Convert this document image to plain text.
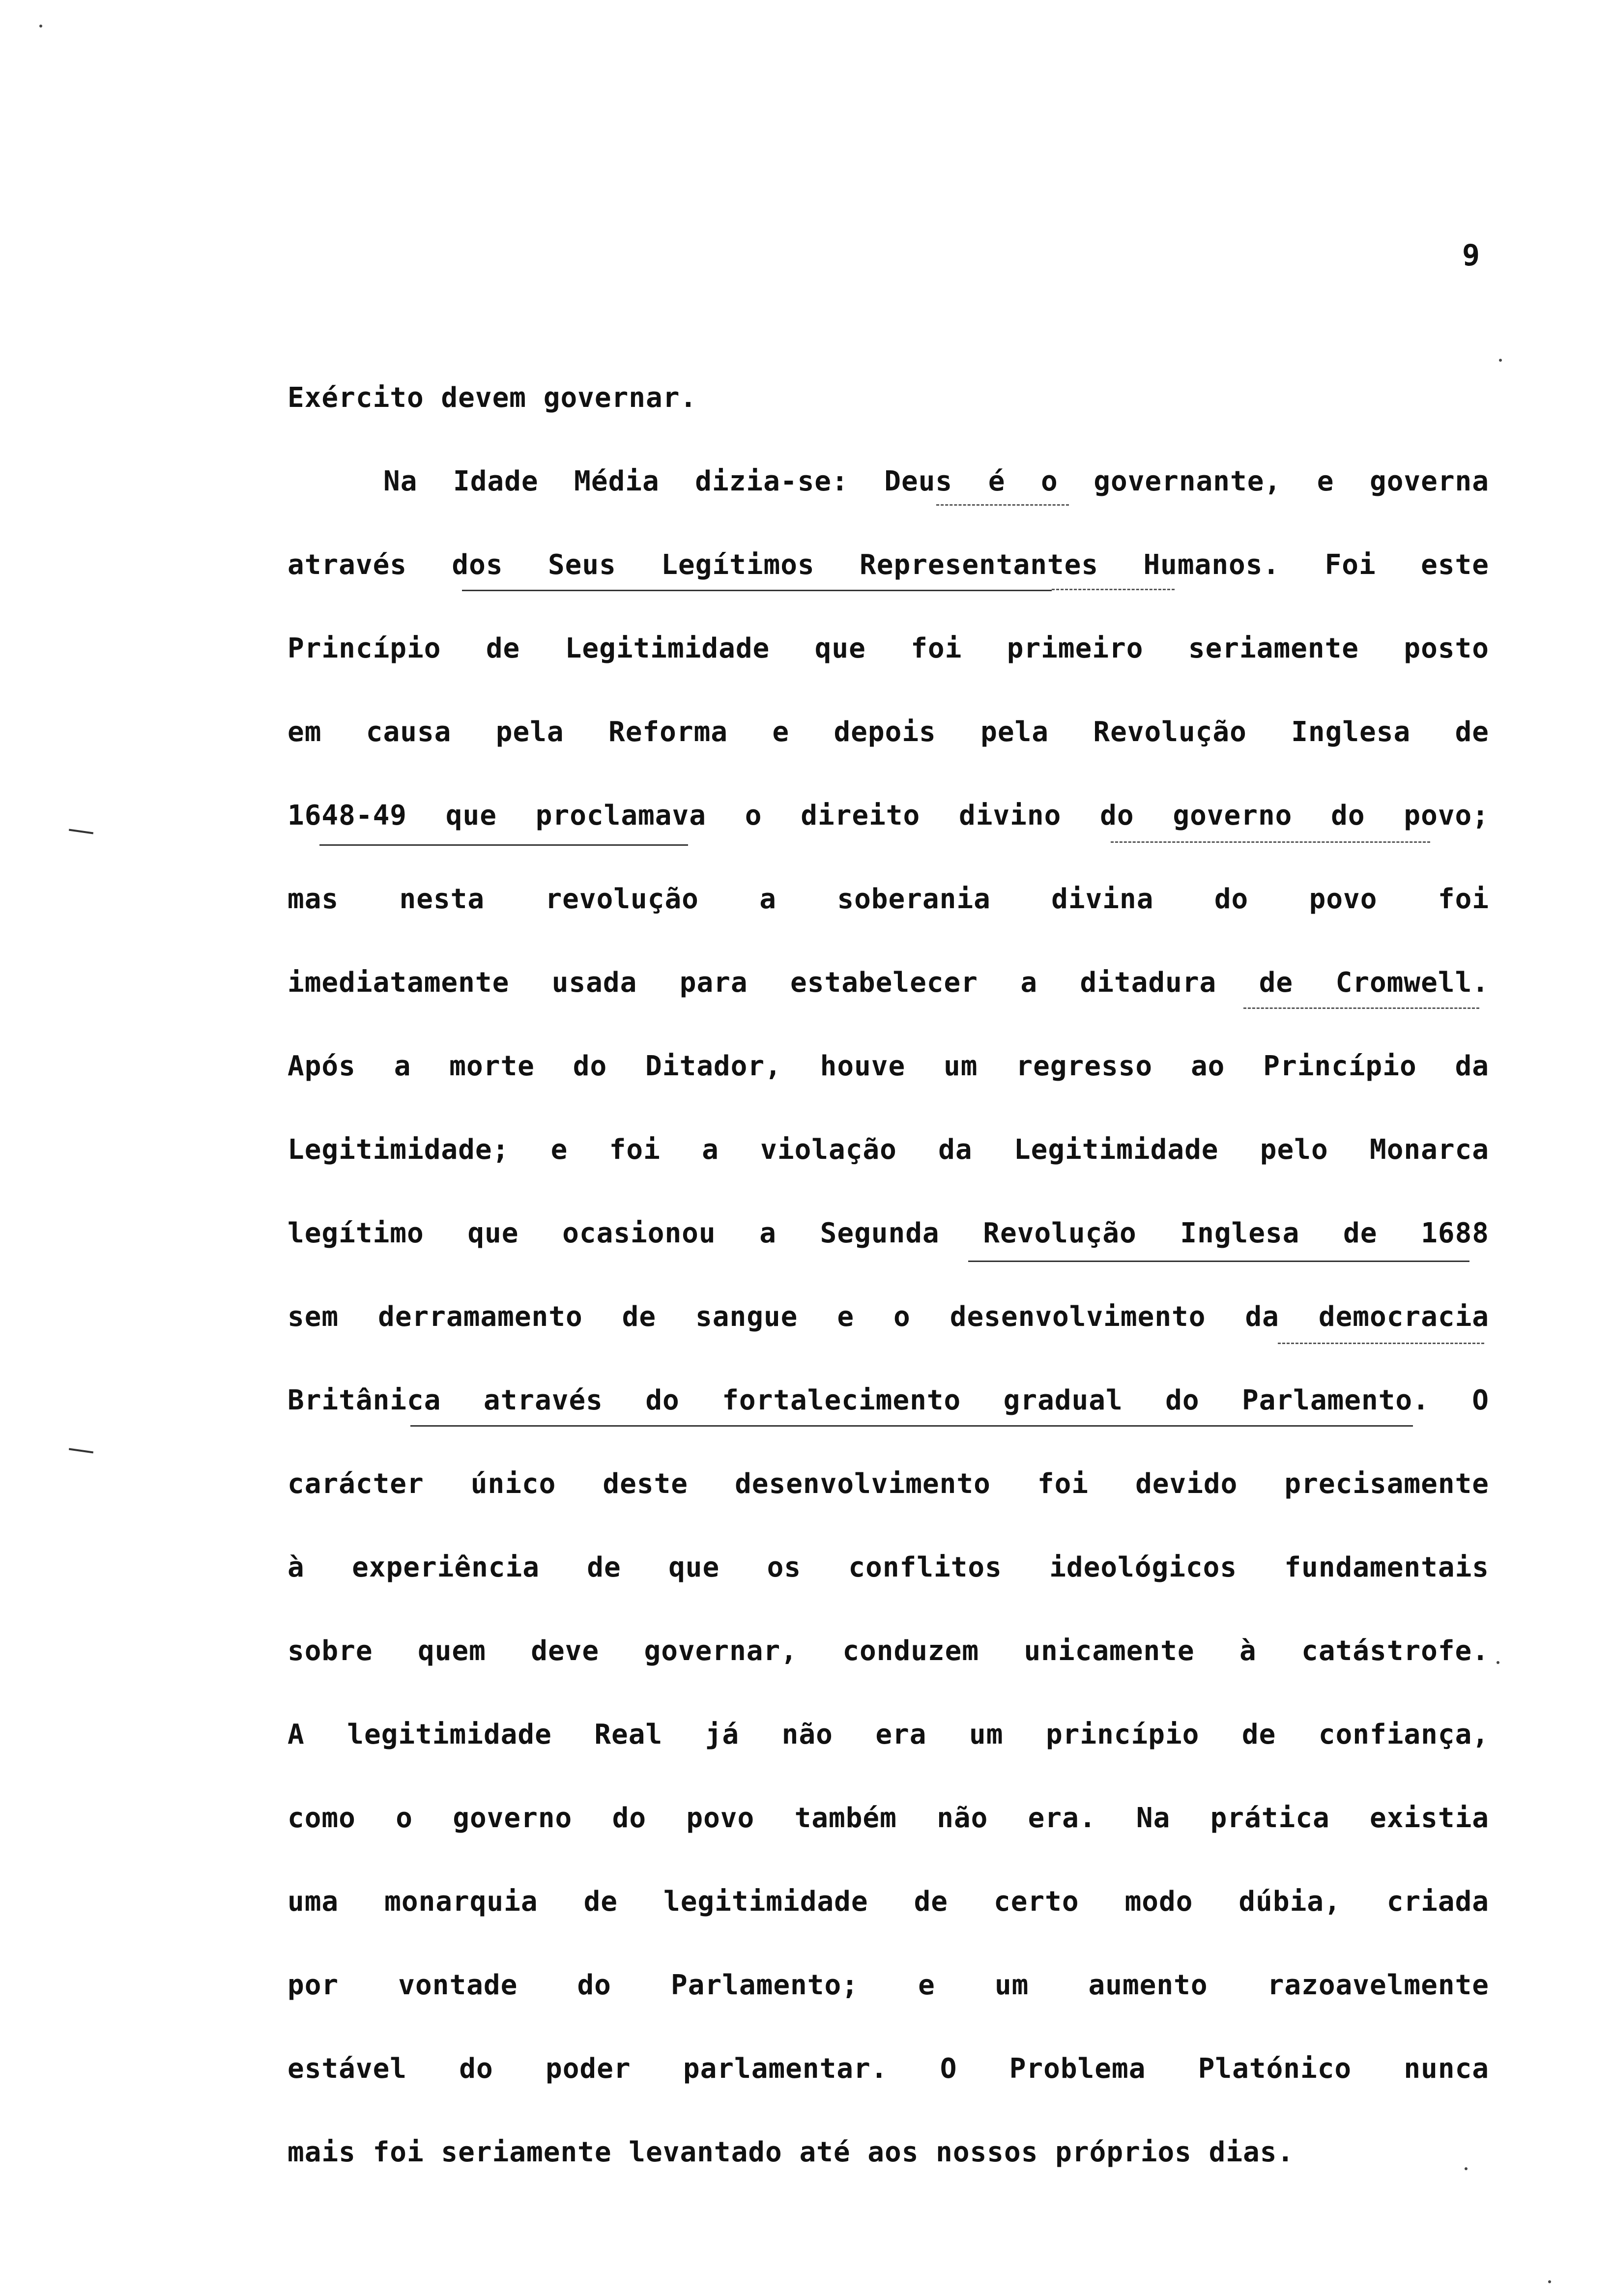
9
Exército devem governar.
Na Idade Média dizia-se: Deus é o governante, e governa
através dos Seus Legítimos Representantes Humanos. Foi este
Princípio de Legitimidade que foi primeiro seriamente posto
em causa pela Reforma e depois pela Revolução Inglesa de
1648-49 que proclamava o direito divino do governo do povo;
mas nesta revolução a soberania divina do povo foi
imediatamente usada para estabelecer a ditadura de Cromwell.
Após a morte do Ditador, houve um regresso ao Princípio da
Legitimidade; e foi a violação da Legitimidade pelo Monarca
legítimo que ocasionou a Segunda Revolução Inglesa de 1688
sem derramamento de sangue e o desenvolvimento da democracia
Britânica através do fortalecimento gradual do Parlamento. O
carácter único deste desenvolvimento foi devido precisamente
à experiência de que os conflitos ideológicos fundamentais
sobre quem deve governar, conduzem unicamente à catástrofe.
A legitimidade Real já não era um princípio de confiança,
como o governo do povo também não era. Na prática existia
uma monarquia de legitimidade de certo modo dúbia, criada
por vontade do Parlamento; e um aumento razoavelmente
estável do poder parlamentar. O Problema Platónico nunca
mais foi seriamente levantado até aos nossos próprios dias.
